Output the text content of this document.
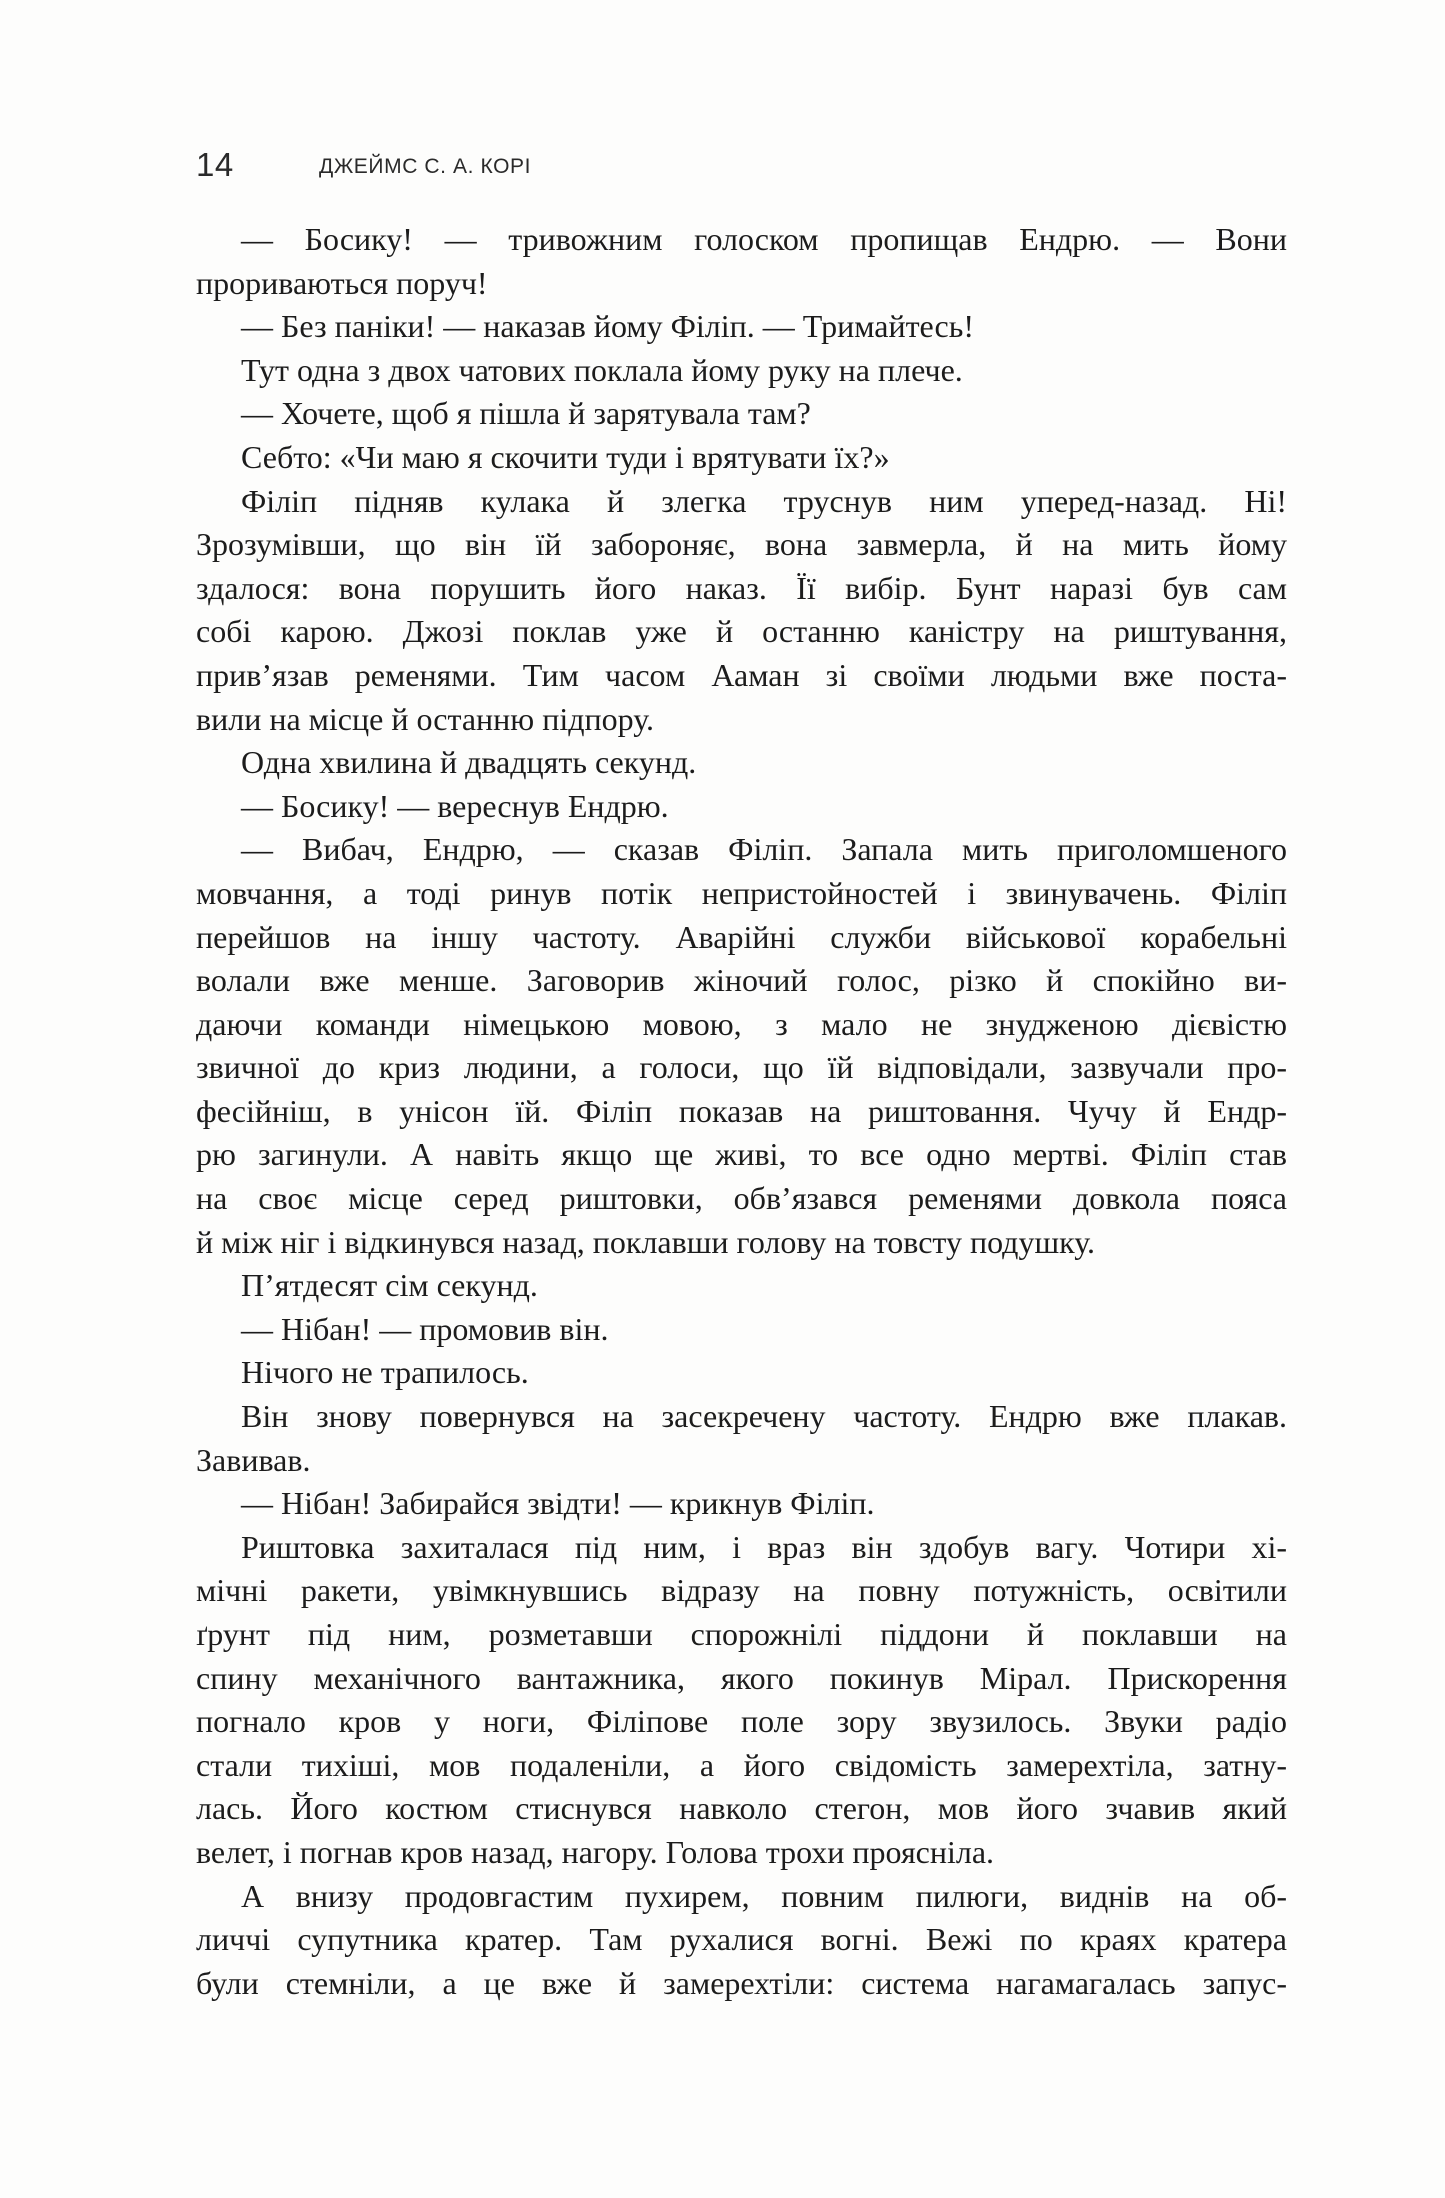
14	ДЖЕЙМС С. А. КОРІ
— Босику! — тривожним голоском пропищав Ендрю. — Вони
прориваються поруч!
— Без паніки! — наказав йому Філіп. — Тримайтесь!
Тут одна з двох чатових поклала йому руку на плече.
— Хочете, щоб я пішла й зарятувала там?
Себто: «Чи маю я скочити туди і врятувати їх?»
Філіп підняв кулака й злегка труснув ним уперед-назад. Ні!
Зрозумівши, що він їй забороняє, вона завмерла, й на мить йому
здалося: вона порушить його наказ. Її вибір. Бунт наразі був сам
собі карою. Джозі поклав уже й останню каністру на риштування,
прив’язав ременями. Тим часом Ааман зі своїми людьми вже поста-
вили на місце й останню підпору.
Одна хвилина й двадцять секунд.
— Босику! — вереснув Ендрю.
— Вибач, Ендрю, — сказав Філіп. Запала мить приголомшеного
мовчання, а тоді ринув потік непристойностей і звинувачень. Філіп
перейшов на іншу частоту. Аварійні служби військової корабельні
волали вже менше. Заговорив жіночий голос, різко й спокійно ви-
даючи команди німецькою мовою, з мало не знудженою дієвістю
звичної до криз людини, а голоси, що їй відповідали, зазвучали про-
фесійніш, в унісон їй. Філіп показав на риштовання. Чучу й Ендр-
рю загинули. А навіть якщо ще живі, то все одно мертві. Філіп став
на своє місце серед риштовки, обв’язався ременями довкола пояса
й між ніг і відкинувся назад, поклавши голову на товсту подушку.
П’ятдесят сім секунд.
— Нібан! — промовив він.
Нічого не трапилось.
Він знову повернувся на засекречену частоту. Ендрю вже плакав.
Завивав.
— Нібан! Забирайся звідти! — крикнув Філіп.
Риштовка захиталася під ним, і враз він здобув вагу. Чотири хі-
мічні ракети, увімкнувшись відразу на повну потужність, освітили
ґрунт під ним, розметавши спорожнілі піддони й поклавши на
спину механічного вантажника, якого покинув Мірал. Прискорення
погнало кров у ноги, Філіпове поле зору звузилось. Звуки радіо
стали тихіші, мов подаленіли, а його свідомість замерехтіла, затну-
лась. Його костюм стиснувся навколо стегон, мов його зчавив який
велет, і погнав кров назад, нагору. Голова трохи проясніла.
А внизу продовгастим пухирем, повним пилюги, виднів на об-
личчі супутника кратер. Там рухалися вогні. Вежі по краях кратера
були стемніли, а це вже й замерехтіли: система нагамагалась запус-
